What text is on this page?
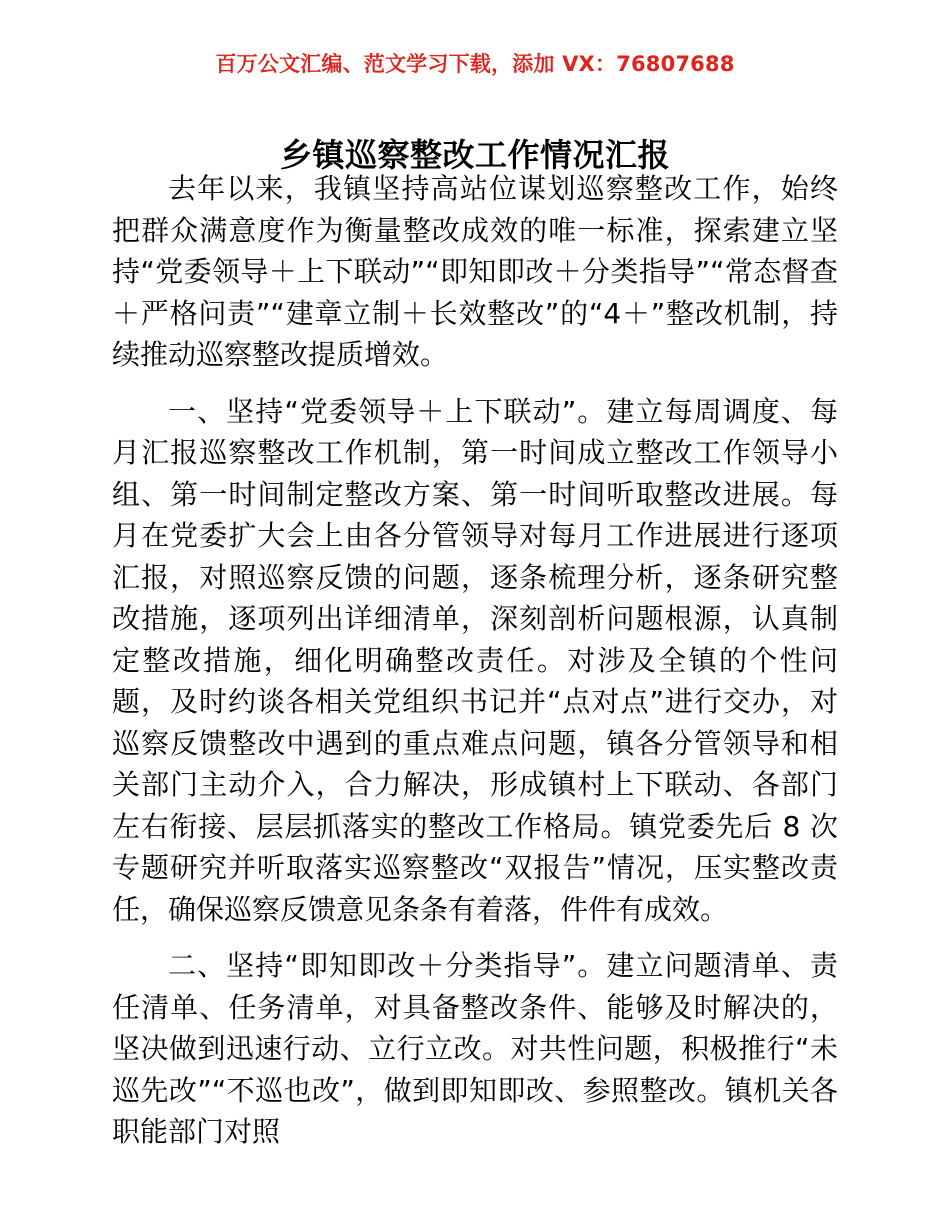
百万公文汇编、范文学习下载，添加 VX：76807688
乡镇巡察整改工作情况汇报

去年以来，我镇坚持高站位谋划巡察整改工作，始终把群众满意度作为衡量整改成效的唯一标准，探索建立坚持“党委领导＋上下联动”“即知即改＋分类指导”“常态督查＋严格问责”“建章立制＋长效整改”的“4＋”整改机制，持续推动巡察整改提质增效。

一、坚持“党委领导＋上下联动”。建立每周调度、每月汇报巡察整改工作机制，第一时间成立整改工作领导小组、第一时间制定整改方案、第一时间听取整改进展。每月在党委扩大会上由各分管领导对每月工作进展进行逐项汇报，对照巡察反馈的问题，逐条梳理分析，逐条研究整改措施，逐项列出详细清单，深刻剖析问题根源，认真制定整改措施，细化明确整改责任。对涉及全镇的个性问题，及时约谈各相关党组织书记并“点对点”进行交办，对巡察反馈整改中遇到的重点难点问题，镇各分管领导和相关部门主动介入，合力解决，形成镇村上下联动、各部门左右衔接、层层抓落实的整改工作格局。镇党委先后 8 次专题研究并听取落实巡察整改“双报告”情况，压实整改责任，确保巡察反馈意见条条有着落，件件有成效。

二、坚持“即知即改＋分类指导”。建立问题清单、责任清单、任务清单，对具备整改条件、能够及时解决的，坚决做到迅速行动、立行立改。对共性问题，积极推行“未巡先改”“不巡也改”，做到即知即改、参照整改。镇机关各职能部门对照
